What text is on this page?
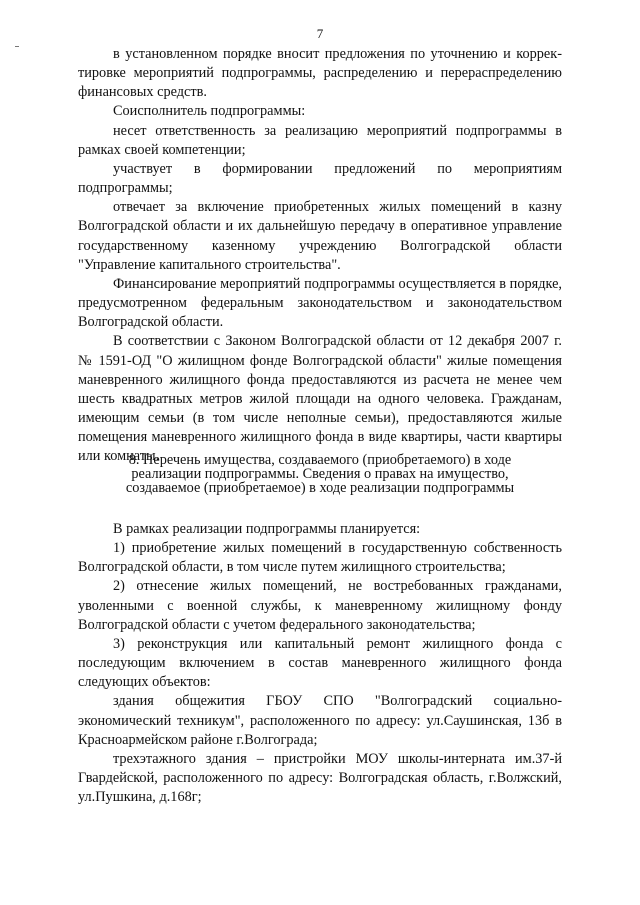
7

в установленном порядке вносит предложения по уточнению и корректировке мероприятий подпрограммы, распределению и перераспределению финансовых средств.

Соисполнитель подпрограммы:

несет ответственность за реализацию мероприятий подпрограммы в рамках своей компетенции;

участвует в формировании предложений по мероприятиям подпрограммы;

отвечает за включение приобретенных жилых помещений в казну Волгоградской области и их дальнейшую передачу в оперативное управление государственному казенному учреждению Волгоградской области "Управление капитального строительства".

Финансирование мероприятий подпрограммы осуществляется в порядке, предусмотренном федеральным законодательством и законодательством Волгоградской области.

В соответствии с Законом Волгоградской области от 12 декабря 2007 г. № 1591-ОД "О жилищном фонде Волгоградской области" жилые помещения маневренного жилищного фонда предоставляются из расчета не менее чем шесть квадратных метров жилой площади на одного человека. Гражданам, имеющим семьи (в том числе неполные семьи), предоставляются жилые помещения маневренного жилищного фонда в виде квартиры, части квартиры или комнаты.

8. Перечень имущества, создаваемого (приобретаемого) в ходе
реализации подпрограммы. Сведения о правах на имущество,
создаваемое (приобретаемое) в ходе реализации подпрограммы

В рамках реализации подпрограммы планируется:

1) приобретение жилых помещений в государственную собственность Волгоградской области, в том числе путем жилищного строительства;

2) отнесение жилых помещений, не востребованных гражданами, уволенными с военной службы, к маневренному жилищному фонду Волгоградской области с учетом федерального законодательства;

3) реконструкция или капитальный ремонт жилищного фонда с последующим включением в состав маневренного жилищного фонда следующих объектов:

здания общежития ГБОУ СПО "Волгоградский социально-экономический техникум", расположенного по адресу: ул.Саушинская, 13б в Красноармейском районе г.Волгограда;

трехэтажного здания – пристройки МОУ школы-интерната им.37-й Гвардейской, расположенного по адресу: Волгоградская область, г.Волжский, ул.Пушкина, д.168г;
